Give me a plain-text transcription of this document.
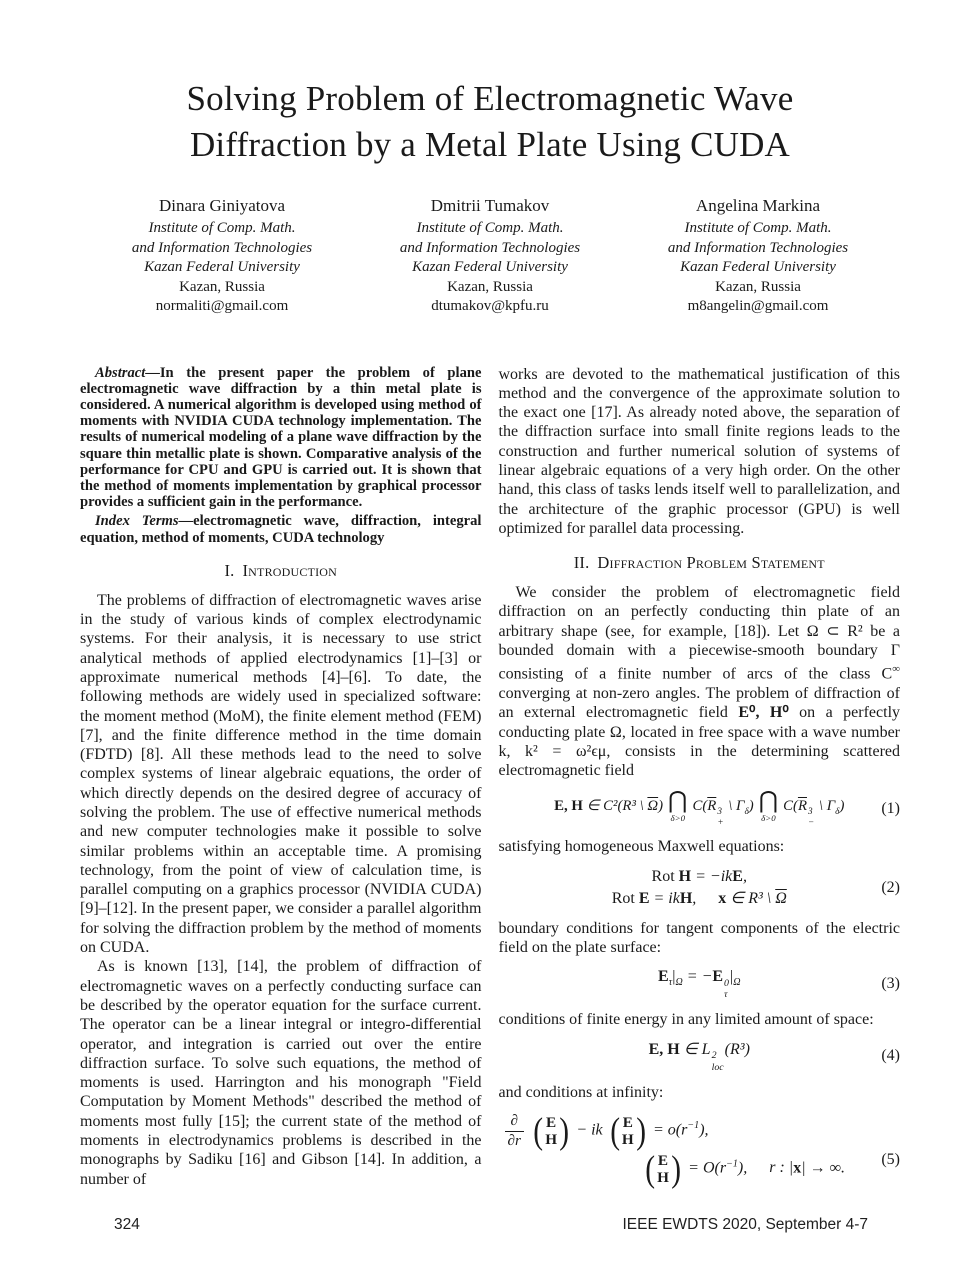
Solving Problem of Electromagnetic Wave
Diffraction by a Metal Plate Using CUDA
Dinara Giniyatova
Institute of Comp. Math.
and Information Technologies
Kazan Federal University
Kazan, Russia
normaliti@gmail.com
Dmitrii Tumakov
Institute of Comp. Math.
and Information Technologies
Kazan Federal University
Kazan, Russia
dtumakov@kpfu.ru
Angelina Markina
Institute of Comp. Math.
and Information Technologies
Kazan Federal University
Kazan, Russia
m8angelin@gmail.com

Abstract—In the present paper the problem of plane electromagnetic wave diffraction by a thin metal plate is considered. A numerical algorithm is developed using method of moments with NVIDIA CUDA technology implementation. The results of numerical modeling of a plane wave diffraction by the square thin metallic plate is shown. Comparative analysis of the performance for CPU and GPU is carried out. It is shown that the method of moments implementation by graphical processor provides a sufficient gain in the performance.

Index Terms—electromagnetic wave, diffraction, integral equation, method of moments, CUDA technology

I. Introduction

The problems of diffraction of electromagnetic waves arise in the study of various kinds of complex electrodynamic systems. For their analysis, it is necessary to use strict analytical methods of applied electrodynamics [1]–[3] or approximate numerical methods [4]–[6]. To date, the following methods are widely used in specialized software: the moment method (MoM), the finite element method (FEM) [7], and the finite difference method in the time domain (FDTD) [8]. All these methods lead to the need to solve complex systems of linear algebraic equations, the order of which directly depends on the desired degree of accuracy of solving the problem. The use of effective numerical methods and new computer technologies make it possible to solve similar problems within an acceptable time. A promising technology, from the point of view of calculation time, is parallel computing on a graphics processor (NVIDIA CUDA) [9]–[12]. In the present paper, we consider a parallel algorithm for solving the diffraction problem by the method of moments on CUDA.

As is known [13], [14], the problem of diffraction of electromagnetic waves on a perfectly conducting surface can be described by the operator equation for the surface current. The operator can be a linear integral or integro-differential operator, and integration is carried out over the entire diffraction surface. To solve such equations, the method of moments is used. Harrington and his monograph "Field Computation by Moment Methods" described the method of moments most fully [15]; the current state of the method of moments in electrodynamics problems is described in the monographs by Sadiku [16] and Gibson [14]. In addition, a number of

works are devoted to the mathematical justification of this method and the convergence of the approximate solution to the exact one [17]. As already noted above, the separation of the diffraction surface into small finite regions leads to the construction and further numerical solution of systems of linear algebraic equations of a very high order. On the other hand, this class of tasks lends itself well to parallelization, and the architecture of the graphic processor (GPU) is well optimized for parallel data processing.

II. Diffraction Problem Statement

We consider the problem of electromagnetic field diffraction on an perfectly conducting thin plate of an arbitrary shape (see, for example, [18]). Let Ω ⊂ R² be a bounded domain with a piecewise-smooth boundary Γ consisting of a finite number of arcs of the class C∞ converging at non-zero angles. The problem of diffraction of an external electromagnetic field E⁰, H⁰ on a perfectly conducting plate Ω, located in free space with a wave number k, k² = ω²ϵμ, consists in the determining scattered electromagnetic field

E, H ∈ C²(R³ \ $\overline{\Omega}$) ⋂
δ>0
$C(\overline{R}$ 3
+
\ $\Gamma_\delta$) ⋂
δ>0
$C(\overline{R}$ 3
−
\ $\Gamma_\delta$) (1)

satisfying homogeneous Maxwell equations:

Rot H = −ikE,
Rot E = ikH, x ∈ R³ \ $\overline{\Omega}$
(2)

boundary conditions for tangent components of the electric field on the plate surface:

$E_\tau|_\Omega = -E$ 0
τ
$|_\Omega$	(3)

conditions of finite energy in any limited amount of space:

E, H ∈ L 2
loc
(R³)	(4)

and conditions at infinity:

$\frac{\partial}{\partial r}$ ( E
H ) − ik ( E
H ) = $o(r^{-1})$,
( E
H ) = $O(r^{-1})$, r : |x| → ∞.
(5)
324	IEEE EWDTS 2020, September 4-7
